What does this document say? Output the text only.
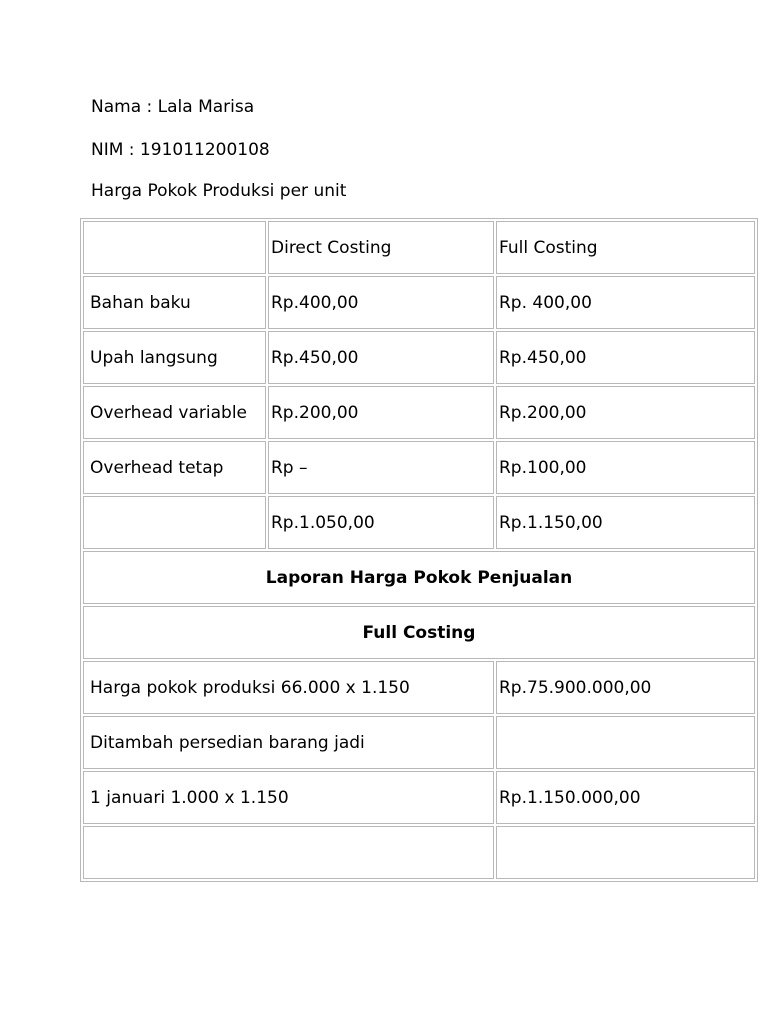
Nama : Lala Marisa
NIM : 191011200108
Harga Pokok Produksi per unit
	Direct Costing	Full Costing
Bahan baku	Rp.400,00	Rp. 400,00
Upah langsung	Rp.450,00	Rp.450,00
Overhead variable	Rp.200,00	Rp.200,00
Overhead tetap	Rp –	Rp.100,00
	Rp.1.050,00	Rp.1.150,00
Laporan Harga Pokok Penjualan		
Full Costing		
Harga pokok produksi 66.000 x 1.150		Rp.75.900.000,00
Ditambah persedian barang jadi		
1 januari 1.000 x 1.150		Rp.1.150.000,00
